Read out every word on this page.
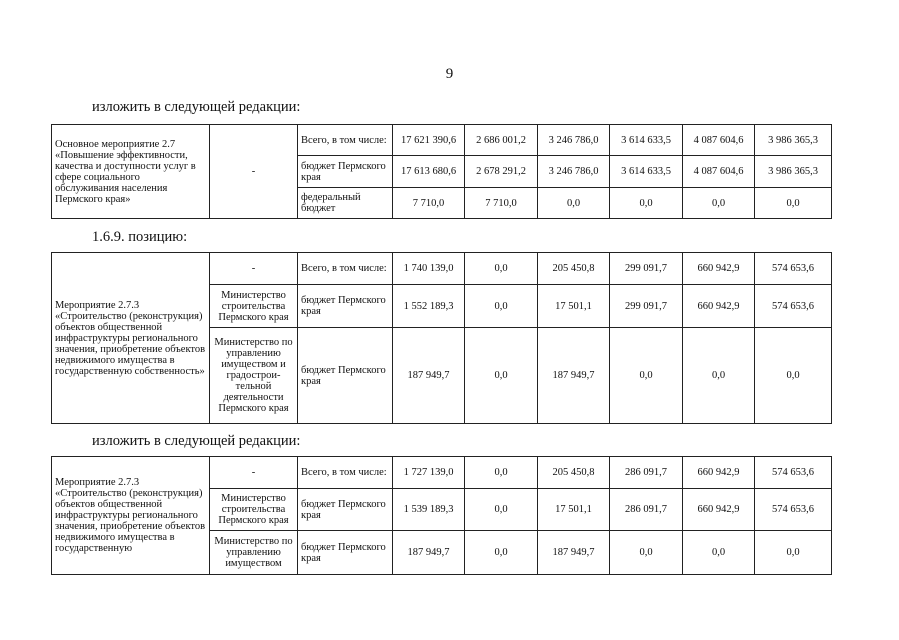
9
изложить в следующей редакции:
Основное мероприятие 2.7 «Повышение эффективности, качества и доступности услуг в сфере социального обслуживания населения Пермского края»	-	Всего, в том числе:	17 621 390,6	2 686 001,2	3 246 786,0	3 614 633,5	4 087 604,6	3 986 365,3
		бюджет Пермского края	17 613 680,6	2 678 291,2	3 246 786,0	3 614 633,5	4 087 604,6	3 986 365,3
		федеральный бюджет	7 710,0	7 710,0	0,0	0,0	0,0	0,0
1.6.9. позицию:
Мероприятие 2.7.3 «Строительство (реконструкция) объектов общественной инфраструктуры регионального значения, приобретение объектов недвижимого имущества в государственную собственность»	-	Всего, в том числе:	1 740 139,0	0,0	205 450,8	299 091,7	660 942,9	574 653,6
	Министерство строительства Пермского края	бюджет Пермского края	1 552 189,3	0,0	17 501,1	299 091,7	660 942,9	574 653,6
	Министерство по управлению имуществом и градострои-тельной деятельности Пермского края	бюджет Пермского края	187 949,7	0,0	187 949,7	0,0	0,0	0,0
изложить в следующей редакции:
Мероприятие 2.7.3 «Строительство (реконструкция) объектов общественной инфраструктуры регионального значения, приобретение объектов недвижимого имущества в государственную	-	Всего, в том числе:	1 727 139,0	0,0	205 450,8	286 091,7	660 942,9	574 653,6
	Министерство строительства Пермского края	бюджет Пермского края	1 539 189,3	0,0	17 501,1	286 091,7	660 942,9	574 653,6
	Министерство по управлению имуществом	бюджет Пермского края	187 949,7	0,0	187 949,7	0,0	0,0	0,0
